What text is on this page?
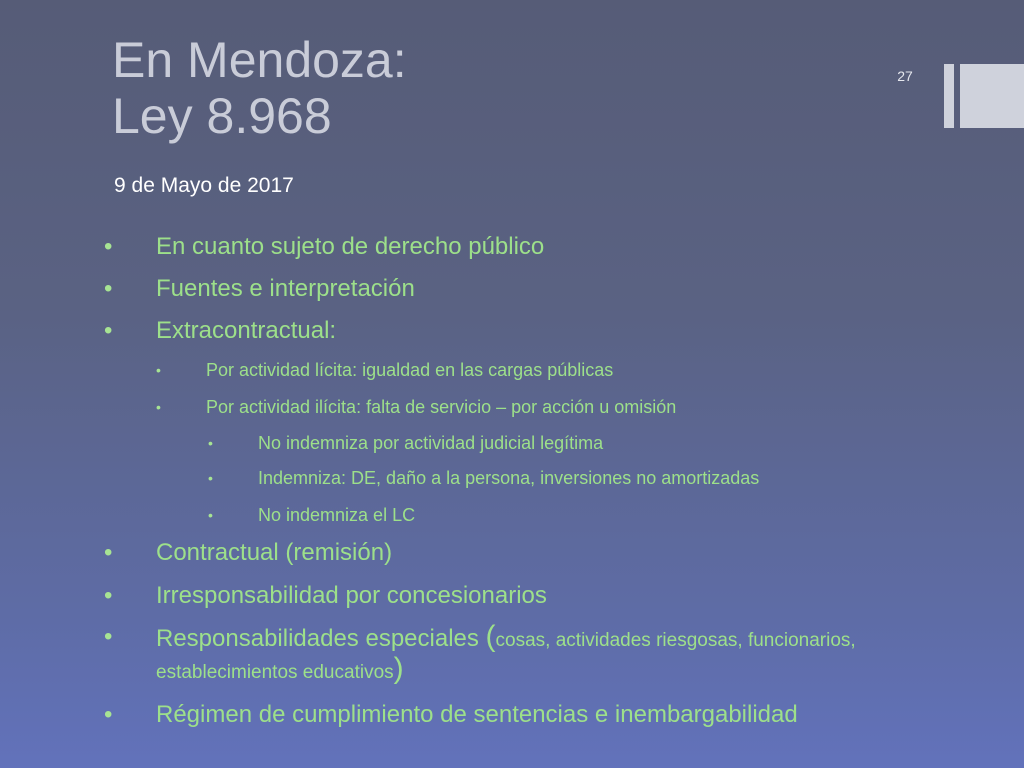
En Mendoza:
Ley 8.968
27

9 de Mayo de 2017

• En cuanto sujeto de derecho público
• Fuentes e interpretación
• Extracontractual:
•	Por actividad lícita: igualdad en las cargas públicas
•	Por actividad ilícita: falta de servicio – por acción u omisión
•	No indemniza por actividad judicial legítima
•	Indemniza: DE, daño a la persona, inversiones no amortizadas
•	No indemniza el LC
• Contractual (remisión)
• Irresponsabilidad por concesionarios
• Responsabilidades especiales (cosas, actividades riesgosas, funcionarios,
establecimientos educativos)
• Régimen de cumplimiento de sentencias e inembargabilidad
